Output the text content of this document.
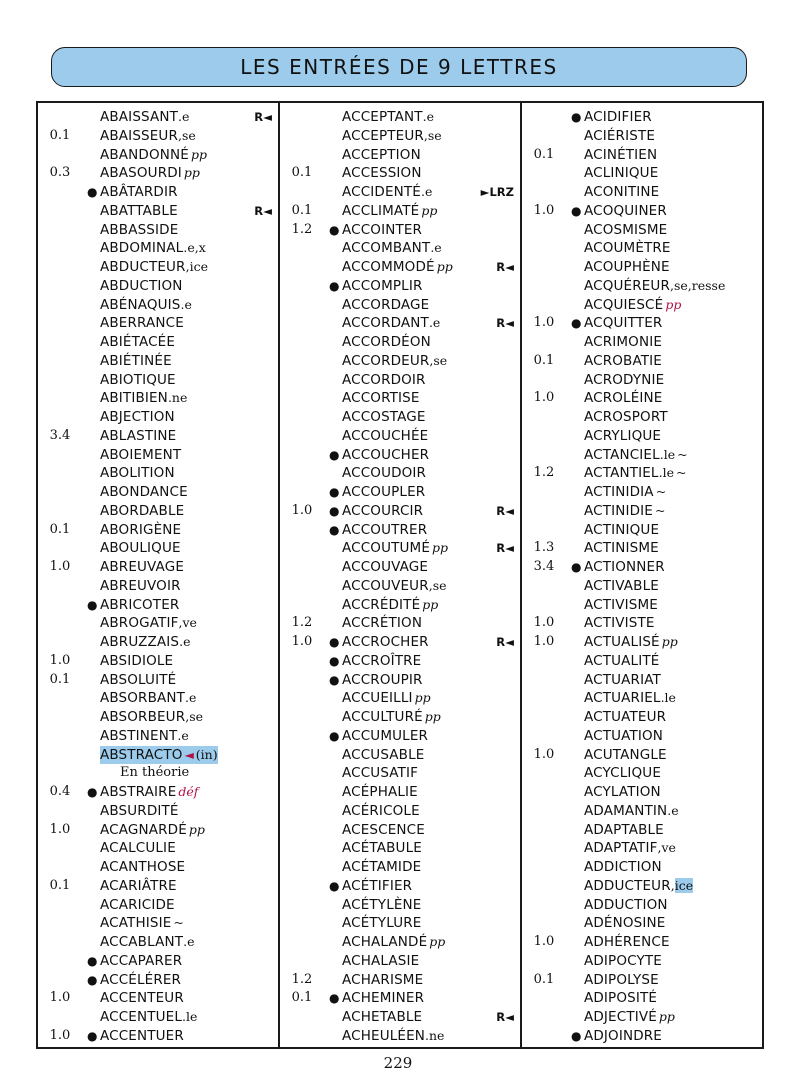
LES ENTRÉES DE 9 LETTRES
ABAISSANT.e	R◄
0.1	ABAISSEUR,se
ABANDONNÉ pp
0.3	ABASOURDI pp
● ABÂTARDIR
ABATTABLE	R◄
ABBASSIDE
ABDOMINAL.e,x
ABDUCTEUR,ice
ABDUCTION
ABÉNAQUIS.e
ABERRANCE
ABIÉTACÉE
ABIÉTINÉE
ABIOTIQUE
ABITIBIEN.ne
ABJECTION
3.4	ABLASTINE
ABOIEMENT
ABOLITION
ABONDANCE
ABORDABLE
0.1	ABORIGÈNE
ABOULIQUE
1.0	ABREUVAGE
ABREUVOIR
● ABRICOTER
ABROGATIF,ve
ABRUZZAIS.e
1.0	ABSIDIOLE
0.1	ABSOLUITÉ
ABSORBANT.e
ABSORBEUR,se
ABSTINENT.e
ABSTRACTO ◄ (in)
En théorie
0.4	● ABSTRAIRE déf
ABSURDITÉ
1.0	ACAGNARDÉ pp
ACALCULIE
ACANTHOSE
0.1	ACARIÂTRE
ACARICIDE
ACATHISIE ~
ACCABLANT.e
● ACCAPARER
● ACCÉLÉRER
1.0	ACCENTEUR
ACCENTUEL.le
1.0	● ACCENTUER
ACCEPTANT.e
ACCEPTEUR,se
ACCEPTION
0.1	ACCESSION
ACCIDENTÉ.e	►LRZ
0.1	ACCLIMATÉ pp
1.2	● ACCOINTER
ACCOMBANT.e
ACCOMMODÉ pp	R◄
● ACCOMPLIR
ACCORDAGE
ACCORDANT.e	R◄
ACCORDÉON
ACCORDEUR,se
ACCORDOIR
ACCORTISE
ACCOSTAGE
ACCOUCHÉE
● ACCOUCHER
ACCOUDOIR
● ACCOUPLER
1.0	● ACCOURCIR	R◄
● ACCOUTRER
ACCOUTUMÉ pp	R◄
ACCOUVAGE
ACCOUVEUR,se
ACCRÉDITÉ pp
1.2	ACCRÉTION
1.0	● ACCROCHER	R◄
● ACCROÎTRE
● ACCROUPIR
ACCUEILLI pp
ACCULTURÉ pp
● ACCUMULER
ACCUSABLE
ACCUSATIF
ACÉPHALIE
ACÉRICOLE
ACESCENCE
ACÉTABULE
ACÉTAMIDE
● ACÉTIFIER
ACÉTYLÈNE
ACÉTYLURE
ACHALANDÉ pp
ACHALASIE
1.2	ACHARISME
0.1	● ACHEMINER
ACHETABLE	R◄
ACHEULÉEN.ne
● ACIDIFIER
ACIÉRISTE
0.1	ACINÉTIEN
ACLINIQUE
ACONITINE
1.0	● ACOQUINER
ACOSMISME
ACOUMÈTRE
ACOUPHÈNE
ACQUÉREUR,se,resse
ACQUIESCÉ pp
1.0	● ACQUITTER
ACRIMONIE
0.1	ACROBATIE
ACRODYNIE
1.0	ACROLÉINE
ACROSPORT
ACRYLIQUE
ACTANCIEL.le ~
1.2	ACTANTIEL.le ~
ACTINIDIA ~
ACTINIDIE ~
ACTINIQUE
1.3	ACTINISME
3.4	● ACTIONNER
ACTIVABLE
ACTIVISME
1.0	ACTIVISTE
1.0	ACTUALISÉ pp
ACTUALITÉ
ACTUARIAT
ACTUARIEL.le
ACTUATEUR
ACTUATION
1.0	ACUTANGLE
ACYCLIQUE
ACYLATION
ADAMANTIN.e
ADAPTABLE
ADAPTATIF,ve
ADDICTION
ADDUCTEUR,ice
ADDUCTION
ADÉNOSINE
1.0	ADHÉRENCE
ADIPOCYTE
0.1	ADIPOLYSE
ADIPOSITÉ
ADJECTIVÉ pp
● ADJOINDRE
229
